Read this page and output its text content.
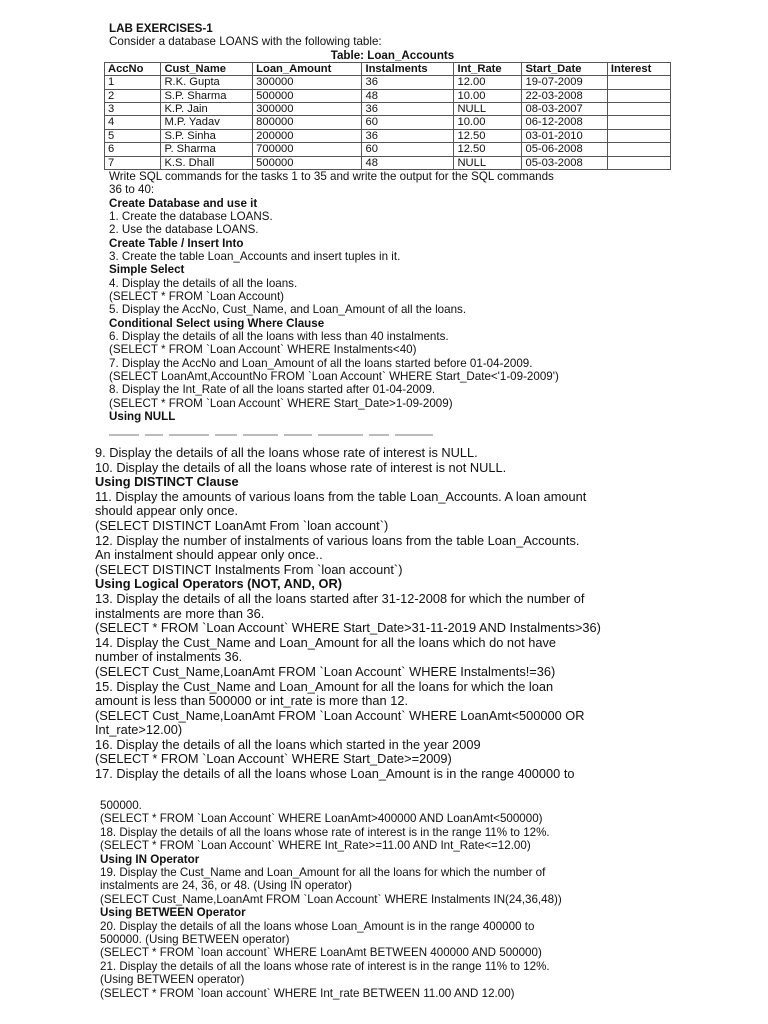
LAB EXERCISES-1
Consider a database LOANS with the following table:
Table: Loan_Accounts
AccNo	Cust_Name	Loan_Amount	Instalments	Int_Rate	Start_Date	Interest
1	R.K. Gupta	300000	36	12.00	19-07-2009	
2	S.P. Sharma	500000	48	10.00	22-03-2008	
3	K.P. Jain	300000	36	NULL	08-03-2007	
4	M.P. Yadav	800000	60	10.00	06-12-2008	
5	S.P. Sinha	200000	36	12.50	03-01-2010	
6	P. Sharma	700000	60	12.50	05-06-2008	
7	K.S. Dhall	500000	48	NULL	05-03-2008	
Write SQL commands for the tasks 1 to 35 and write the output for the SQL commands
36 to 40:
Create Database and use it
1. Create the database LOANS.
2. Use the database LOANS.
Create Table / Insert Into
3. Create the table Loan_Accounts and insert tuples in it.
Simple Select
4. Display the details of all the loans.
(SELECT * FROM `Loan Account)
5. Display the AccNo, Cust_Name, and Loan_Amount of all the loans.
Conditional Select using Where Clause
6. Display the details of all the loans with less than 40 instalments.
(SELECT * FROM `Loan Account` WHERE Instalments<40)
7. Display the AccNo and Loan_Amount of all the loans started before 01-04-2009.
(SELECT LoanAmt,AccountNo FROM `Loan Account` WHERE Start_Date<'1-09-2009')
8. Display the Int_Rate of all the loans started after 01-04-2009.
(SELECT * FROM `Loan Account` WHERE Start_Date>1-09-2009)
Using NULL
9. Display the details of all the loans whose rate of interest is NULL.
10. Display the details of all the loans whose rate of interest is not NULL.
Using DISTINCT Clause
11. Display the amounts of various loans from the table Loan_Accounts. A loan amount
should appear only once.
(SELECT DISTINCT LoanAmt From `loan account`)
12. Display the number of instalments of various loans from the table Loan_Accounts.
An instalment should appear only once..
(SELECT DISTINCT Instalments From `loan account`)
Using Logical Operators (NOT, AND, OR)
13. Display the details of all the loans started after 31-12-2008 for which the number of
instalments are more than 36.
(SELECT * FROM `Loan Account` WHERE Start_Date>31-11-2019 AND Instalments>36)
14. Display the Cust_Name and Loan_Amount for all the loans which do not have
number of instalments 36.
(SELECT Cust_Name,LoanAmt FROM `Loan Account` WHERE Instalments!=36)
15. Display the Cust_Name and Loan_Amount for all the loans for which the loan
amount is less than 500000 or int_rate is more than 12.
(SELECT Cust_Name,LoanAmt FROM `Loan Account` WHERE LoanAmt<500000 OR
Int_rate>12.00)
16. Display the details of all the loans which started in the year 2009
(SELECT * FROM `Loan Account` WHERE Start_Date>=2009)
17. Display the details of all the loans whose Loan_Amount is in the range 400000 to
500000.
(SELECT * FROM `Loan Account` WHERE LoanAmt>400000 AND LoanAmt<500000)
18. Display the details of all the loans whose rate of interest is in the range 11% to 12%.
(SELECT * FROM `Loan Account` WHERE Int_Rate>=11.00 AND Int_Rate<=12.00)
Using IN Operator
19. Display the Cust_Name and Loan_Amount for all the loans for which the number of
instalments are 24, 36, or 48. (Using IN operator)
(SELECT Cust_Name,LoanAmt FROM `Loan Account` WHERE Instalments IN(24,36,48))
Using BETWEEN Operator
20. Display the details of all the loans whose Loan_Amount is in the range 400000 to
500000. (Using BETWEEN operator)
(SELECT * FROM `loan account` WHERE LoanAmt BETWEEN 400000 AND 500000)
21. Display the details of all the loans whose rate of interest is in the range 11% to 12%.
(Using BETWEEN operator)
(SELECT * FROM `loan account` WHERE Int_rate BETWEEN 11.00 AND 12.00)
